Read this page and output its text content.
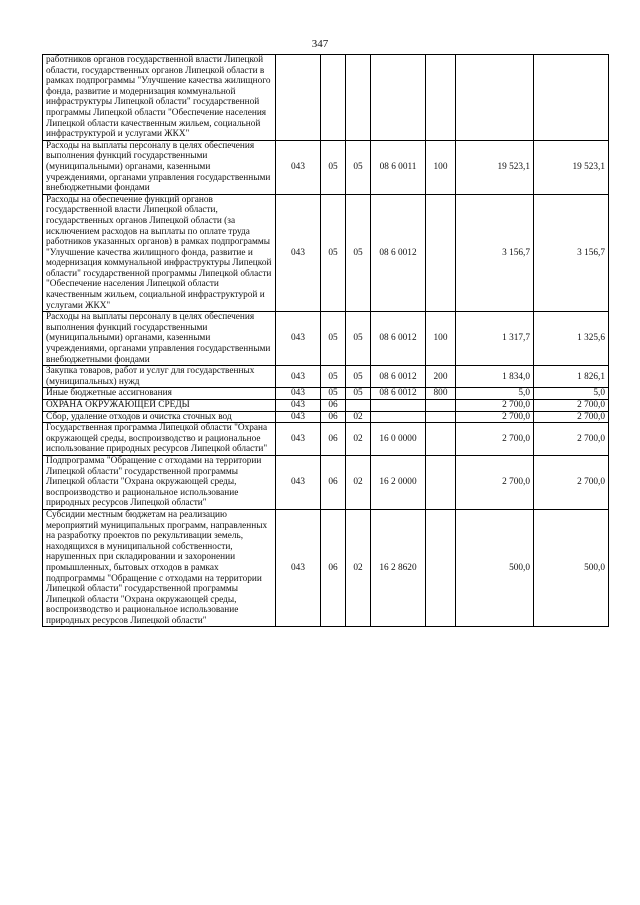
347
работников органов государственной власти Липецкой области, государственных органов Липецкой области в рамках подпрограммы "Улучшение качества жилищного фонда, развитие и модернизация коммунальной инфраструктуры Липецкой области" государственной программы Липецкой области "Обеспечение населения Липецкой области качественным жильем, социальной инфраструктурой и услугами ЖКХ"							
Расходы на выплаты персоналу в целях обеспечения выполнения функций государственными (муниципальными) органами, казенными учреждениями, органами управления государственными внебюджетными фондами	043	05	05	08 6 0011	100	19 523,1	19 523,1
Расходы на обеспечение функций органов государственной власти Липецкой области, государственных органов Липецкой области (за исключением расходов на выплаты по оплате труда работников указанных органов) в рамках подпрограммы "Улучшение качества жилищного фонда, развитие и модернизация коммунальной инфраструктуры Липецкой области" государственной программы Липецкой области "Обеспечение населения Липецкой области качественным жильем, социальной инфраструктурой и услугами ЖКХ"	043	05	05	08 6 0012		3 156,7	3 156,7
Расходы на выплаты персоналу в целях обеспечения выполнения функций государственными (муниципальными) органами, казенными учреждениями, органами управления государственными внебюджетными фондами	043	05	05	08 6 0012	100	1 317,7	1 325,6
Закупка товаров, работ и услуг для государственных (муниципальных) нужд	043	05	05	08 6 0012	200	1 834,0	1 826,1
Иные бюджетные ассигнования	043	05	05	08 6 0012	800	5,0	5,0
ОХРАНА ОКРУЖАЮЩЕЙ СРЕДЫ	043	06				2 700,0	2 700,0
Сбор, удаление отходов и очистка сточных вод	043	06	02			2 700,0	2 700,0
Государственная программа Липецкой области "Охрана окружающей среды, воспроизводство и рациональное использование природных ресурсов Липецкой области"	043	06	02	16 0 0000		2 700,0	2 700,0
Подпрограмма "Обращение с отходами на территории Липецкой области" государственной программы Липецкой области "Охрана окружающей среды, воспроизводство и рациональное использование природных ресурсов Липецкой области"	043	06	02	16 2 0000		2 700,0	2 700,0
Субсидии местным бюджетам на реализацию мероприятий муниципальных программ, направленных на разработку проектов по рекультивации земель, находящихся в муниципальной собственности, нарушенных при складировании и захоронении промышленных, бытовых отходов в рамках подпрограммы "Обращение с отходами на территории Липецкой области" государственной программы Липецкой области "Охрана окружающей среды, воспроизводство и рациональное использование природных ресурсов Липецкой области"	043	06	02	16 2 8620		500,0	500,0
